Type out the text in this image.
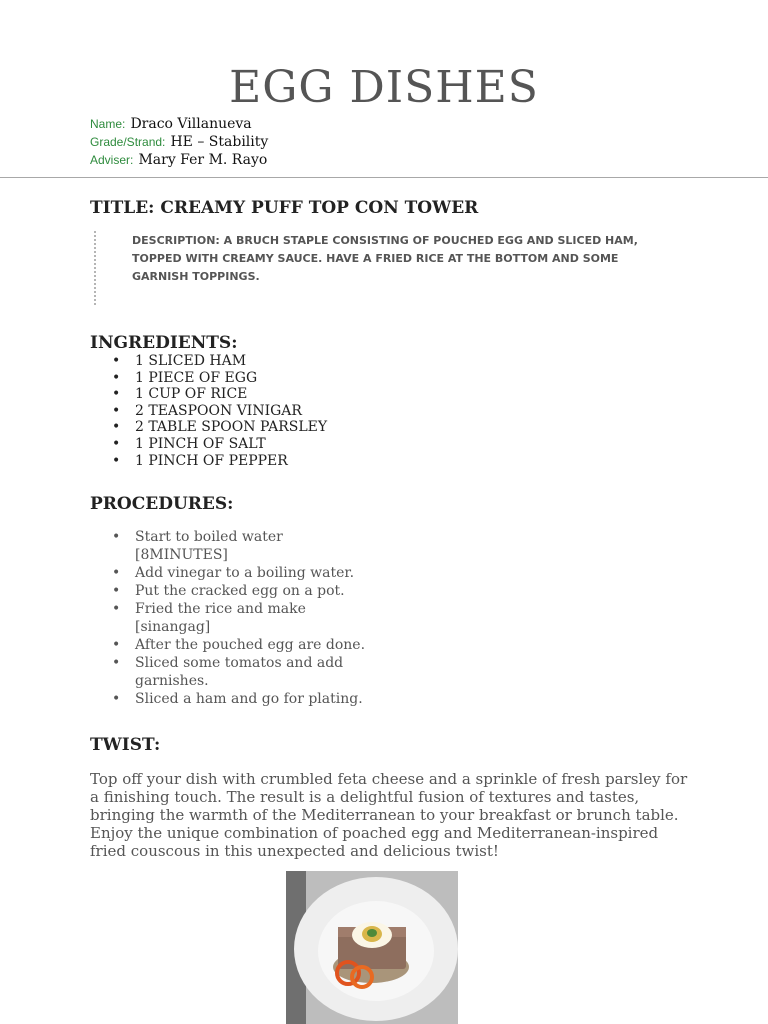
EGG DISHES
Name: Draco Villanueva
Grade/Strand: HE – Stability
Adviser: Mary Fer M. Rayo
TITLE: CREAMY PUFF TOP CON TOWER
DESCRIPTION: A BRUCH STAPLE CONSISTING OF POUCHED EGG AND SLICED HAM, TOPPED WITH CREAMY SAUCE. HAVE A FRIED RICE AT THE BOTTOM AND SOME GARNISH TOPPINGS.
INGREDIENTS:
• 1 SLICED HAM
• 1 PIECE OF EGG
• 1 CUP OF RICE
• 2 TEASPOON VINIGAR
• 2 TABLE SPOON PARSLEY
• 1 PINCH OF SALT
• 1 PINCH OF PEPPER
PROCEDURES:
• Start to boiled water [8MINUTES]
• Add vinegar to a boiling water.
• Put the cracked egg on a pot.
• Fried the rice and make [sinangag]
• After the pouched egg are done.
• Sliced some tomatos and add garnishes.
• Sliced a ham and go for plating.
TWIST:
Top off your dish with crumbled feta cheese and a sprinkle of fresh parsley for a finishing touch. The result is a delightful fusion of textures and tastes, bringing the warmth of the Mediterranean to your breakfast or brunch table. Enjoy the unique combination of poached egg and Mediterranean-inspired fried couscous in this unexpected and delicious twist!
